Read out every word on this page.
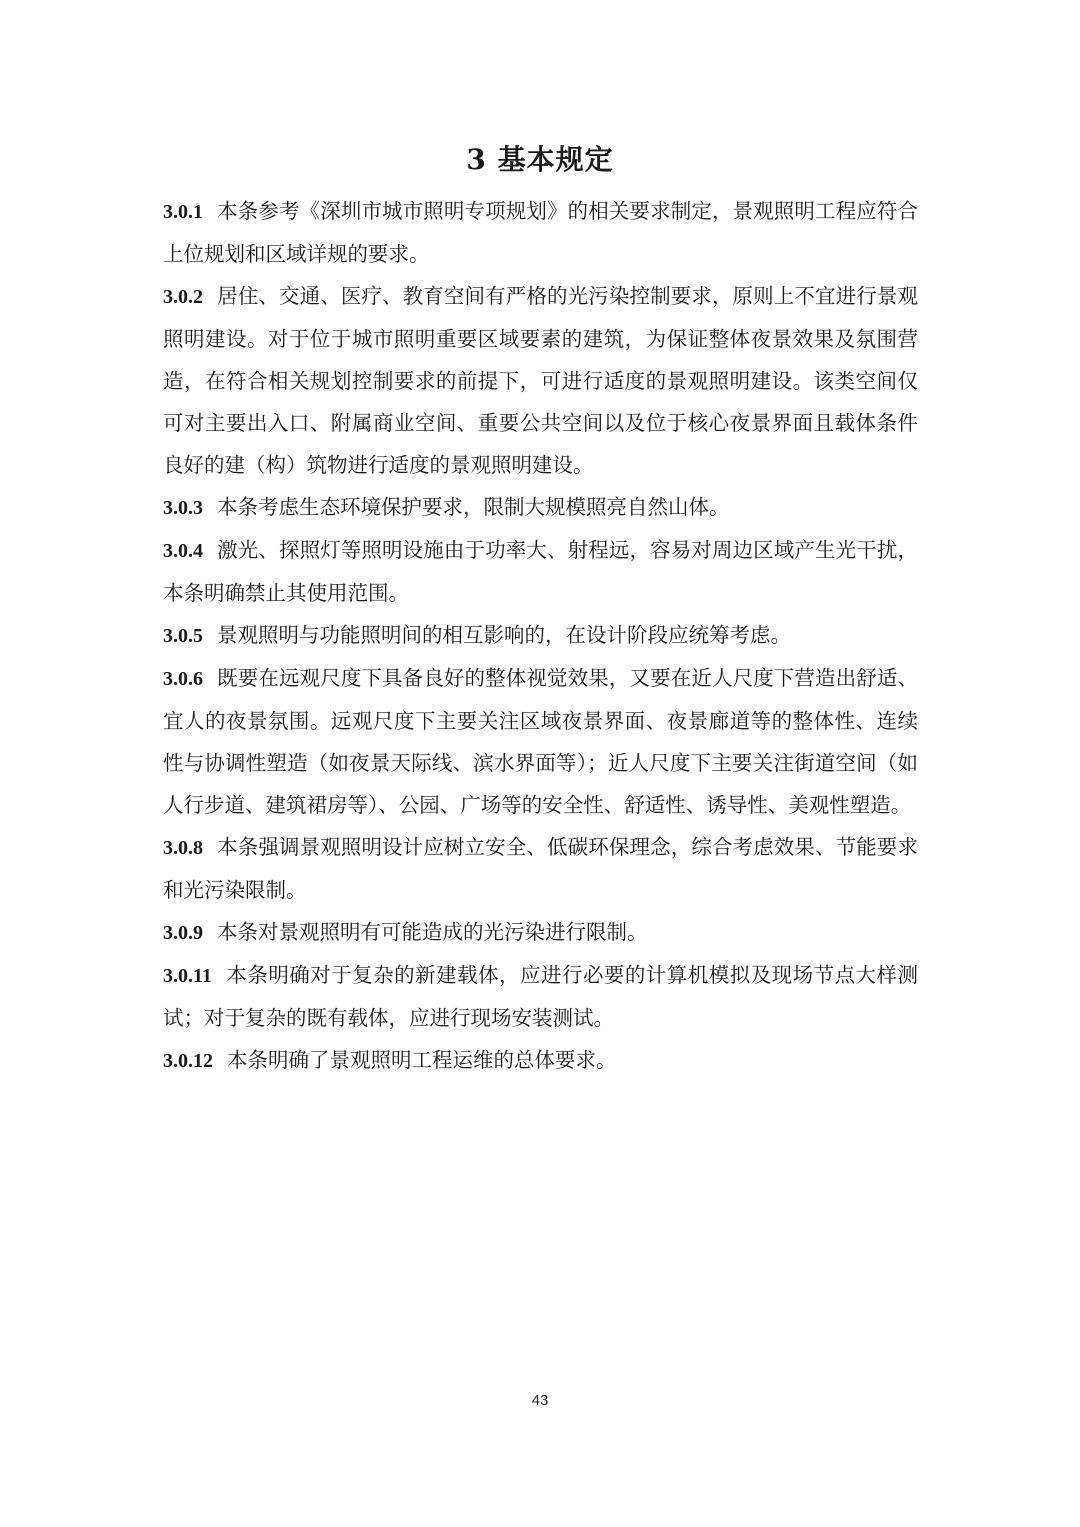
3 基本规定

3.0.1 本条参考《深圳市城市照明专项规划》的相关要求制定，景观照明工程应符合上位规划和区域详规的要求。

3.0.2 居住、交通、医疗、教育空间有严格的光污染控制要求，原则上不宜进行景观照明建设。对于位于城市照明重要区域要素的建筑，为保证整体夜景效果及氛围营造，在符合相关规划控制要求的前提下，可进行适度的景观照明建设。该类空间仅可对主要出入口、附属商业空间、重要公共空间以及位于核心夜景界面且载体条件良好的建（构）筑物进行适度的景观照明建设。

3.0.3 本条考虑生态环境保护要求，限制大规模照亮自然山体。

3.0.4 激光、探照灯等照明设施由于功率大、射程远，容易对周边区域产生光干扰，本条明确禁止其使用范围。

3.0.5 景观照明与功能照明间的相互影响的，在设计阶段应统筹考虑。

3.0.6 既要在远观尺度下具备良好的整体视觉效果，又要在近人尺度下营造出舒适、宜人的夜景氛围。远观尺度下主要关注区域夜景界面、夜景廊道等的整体性、连续性与协调性塑造（如夜景天际线、滨水界面等）；近人尺度下主要关注街道空间（如人行步道、建筑裙房等）、公园、广场等的安全性、舒适性、诱导性、美观性塑造。

3.0.8 本条强调景观照明设计应树立安全、低碳环保理念，综合考虑效果、节能要求和光污染限制。

3.0.9 本条对景观照明有可能造成的光污染进行限制。

3.0.11 本条明确对于复杂的新建载体，应进行必要的计算机模拟及现场节点大样测试；对于复杂的既有载体，应进行现场安装测试。

3.0.12 本条明确了景观照明工程运维的总体要求。

43
